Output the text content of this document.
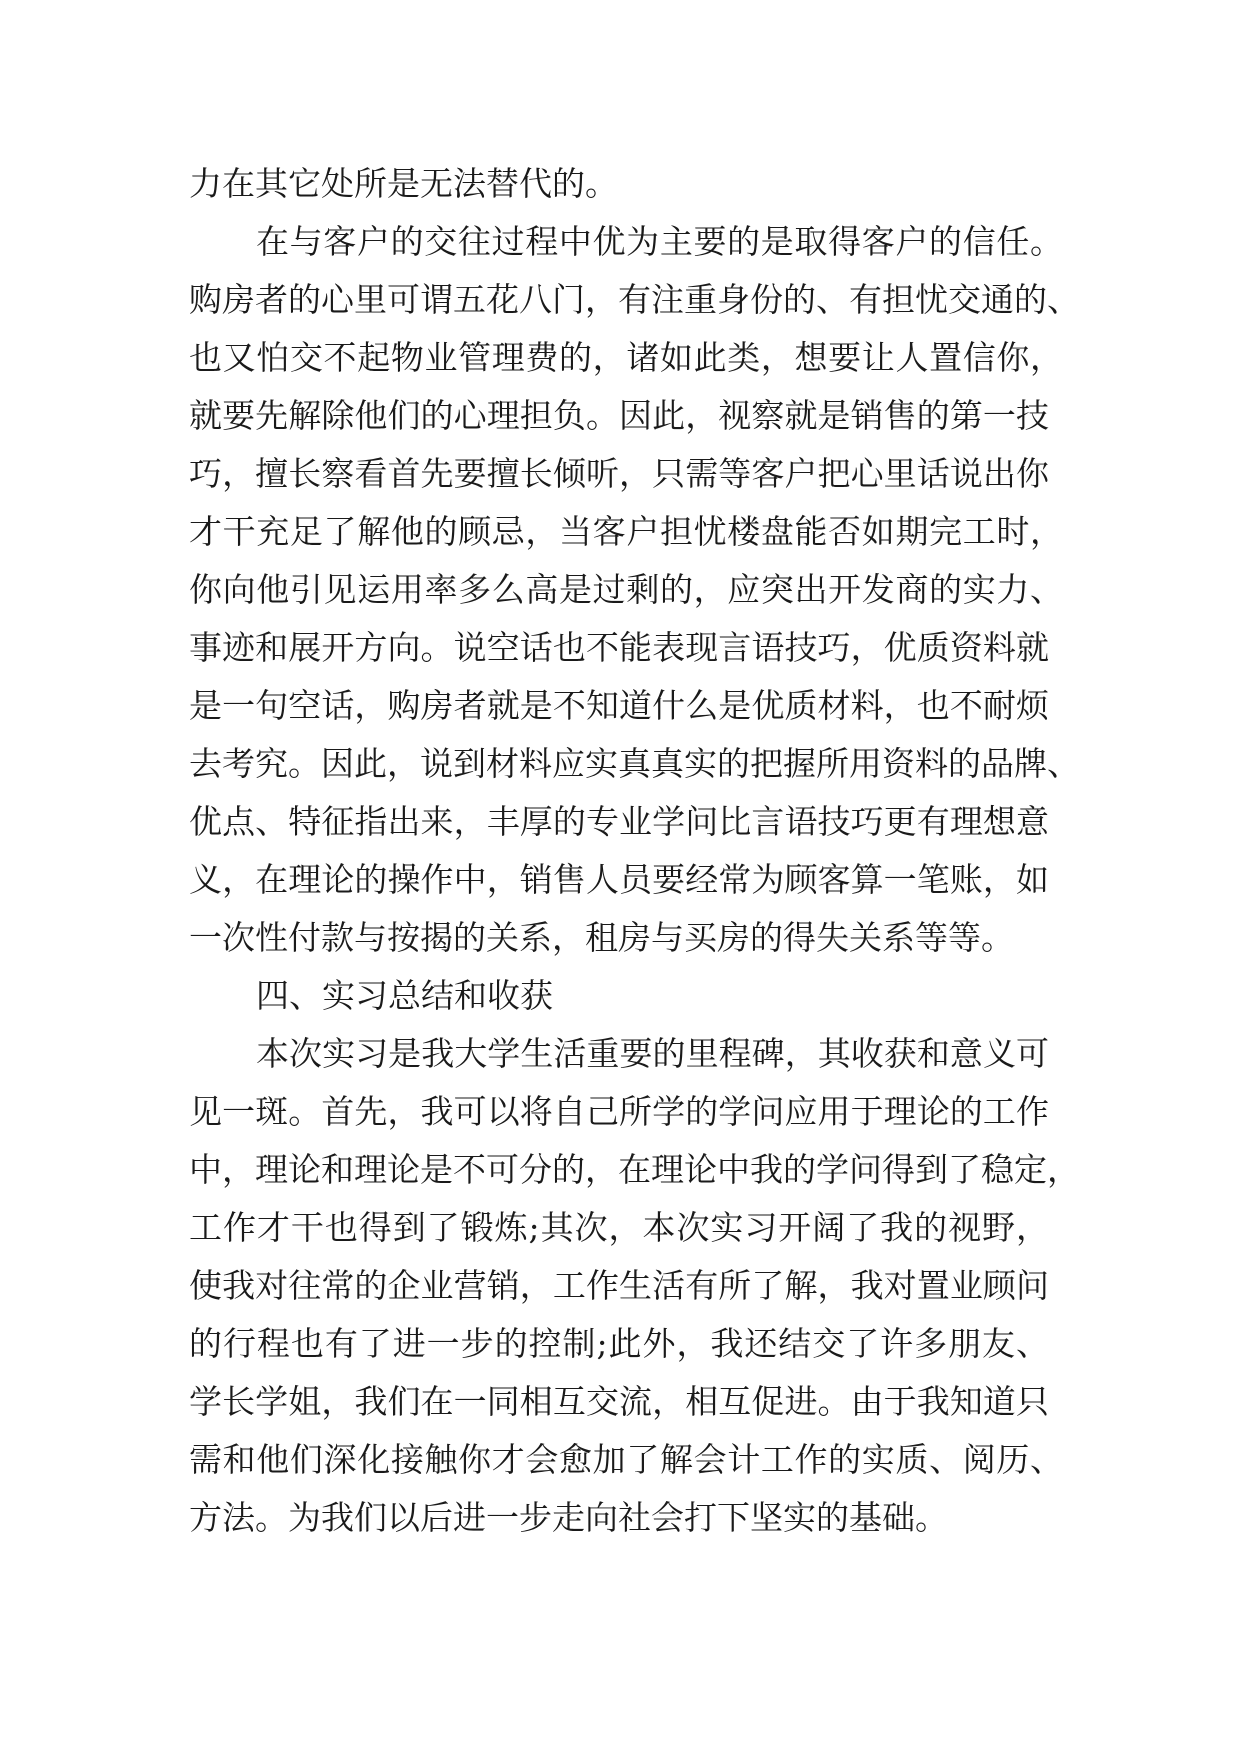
力在其它处所是无法替代的。

在与客户的交往过程中优为主要的是取得客户的信任。

购房者的心里可谓五花八门，有注重身份的、有担忧交通的、

也又怕交不起物业管理费的，诸如此类，想要让人置信你，

就要先解除他们的心理担负。因此，视察就是销售的第一技

巧，擅长察看首先要擅长倾听，只需等客户把心里话说出你

才干充足了解他的顾忌，当客户担忧楼盘能否如期完工时，

你向他引见运用率多么高是过剩的，应突出开发商的实力、

事迹和展开方向。说空话也不能表现言语技巧，优质资料就

是一句空话，购房者就是不知道什么是优质材料，也不耐烦

去考究。因此，说到材料应实真真实的把握所用资料的品牌、

优点、特征指出来，丰厚的专业学问比言语技巧更有理想意

义，在理论的操作中，销售人员要经常为顾客算一笔账，如

一次性付款与按揭的关系，租房与买房的得失关系等等。

四、实习总结和收获

本次实习是我大学生活重要的里程碑，其收获和意义可

见一斑。首先，我可以将自己所学的学问应用于理论的工作

中，理论和理论是不可分的，在理论中我的学问得到了稳定，

工作才干也得到了锻炼;其次，本次实习开阔了我的视野，

使我对往常的企业营销，工作生活有所了解，我对置业顾问

的行程也有了进一步的控制;此外，我还结交了许多朋友、

学长学姐，我们在一同相互交流，相互促进。由于我知道只

需和他们深化接触你才会愈加了解会计工作的实质、阅历、

方法。为我们以后进一步走向社会打下坚实的基础。
